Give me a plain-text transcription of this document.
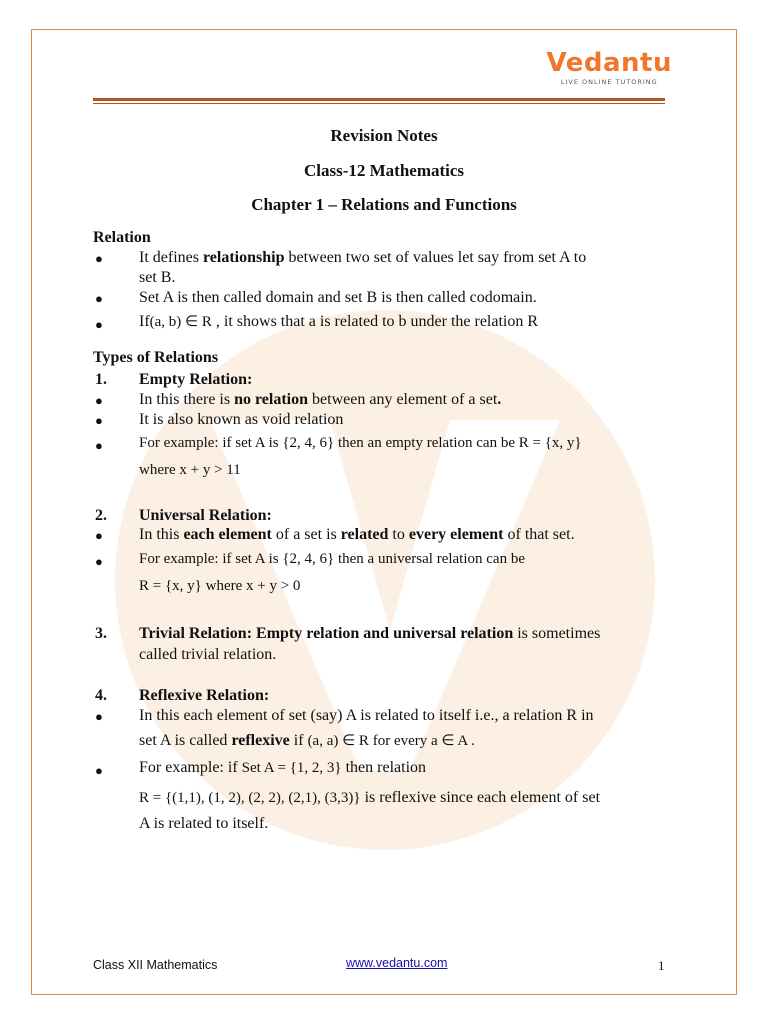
Vedantu
LIVE ONLINE TUTORING
Revision Notes
Class-12 Mathematics
Chapter 1 – Relations and Functions
Relation
● It defines relationship between two set of values let say from set A to
set B.
● Set A is then called domain and set B is then called codomain.
● If(a, b) ∈ R , it shows that a is related to b under the relation R
Types of Relations
1. Empty Relation:
● In this there is no relation between any element of a set.
● It is also known as void relation
● For example: if set A is {2, 4, 6} then an empty relation can be R = {x, y}
where x + y > 11
2. Universal Relation:
● In this each element of a set is related to every element of that set.
● For example: if set A is {2, 4, 6} then a universal relation can be
R = {x, y} where x + y > 0
3. Trivial Relation: Empty relation and universal relation is sometimes
called trivial relation.
4. Reflexive Relation:
● In this each element of set (say) A is related to itself i.e., a relation R in
set A is called reflexive if (a, a) ∈ R for every a ∈ A .
● For example: if Set A = {1, 2, 3} then relation
R = {(1,1), (1, 2), (2, 2), (2,1), (3,3)} is reflexive since each element of set
A is related to itself.
Class XII Mathematics	www.vedantu.com	1
